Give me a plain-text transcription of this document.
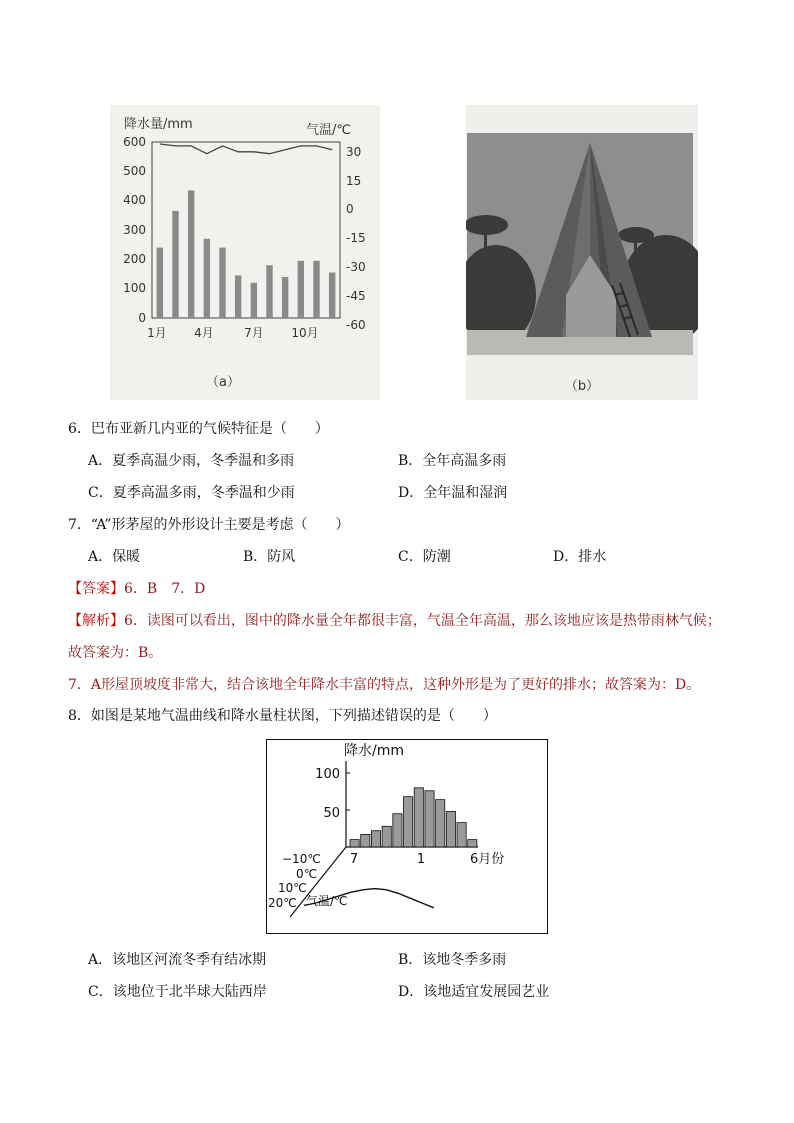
降水量/mm	气温/℃
600
500
400
300
200
100
0
30
15
0
-15
-30
-45
-60
1月 4月	7月 10月
（a）	（b）
6．巴布亚新几内亚的气候特征是（　　）
A．夏季高温少雨，冬季温和多雨	B．全年高温多雨
C．夏季高温多雨，冬季温和少雨	D．全年温和湿润
7．“A”形茅屋的外形设计主要是考虑（　　）
A．保暖	B．防风	C．防潮	D．排水
【答案】6．B　7．D
【解析】6．读图可以看出，图中的降水量全年都很丰富，气温全年高温，那么该地应该是热带雨林气候；
故答案为：B。
7．A形屋顶坡度非常大，结合该地全年降水丰富的特点，这种外形是为了更好的排水；故答案为：D。
8．如图是某地气温曲线和降水量柱状图，下列描述错误的是（　　）
降水/mm
100
50
7	1	6月份
−10℃
0℃
10℃
20℃ 气温/℃
A．该地区河流冬季有结冰期	B．该地冬季多雨
C．该地位于北半球大陆西岸	D．该地适宜发展园艺业
